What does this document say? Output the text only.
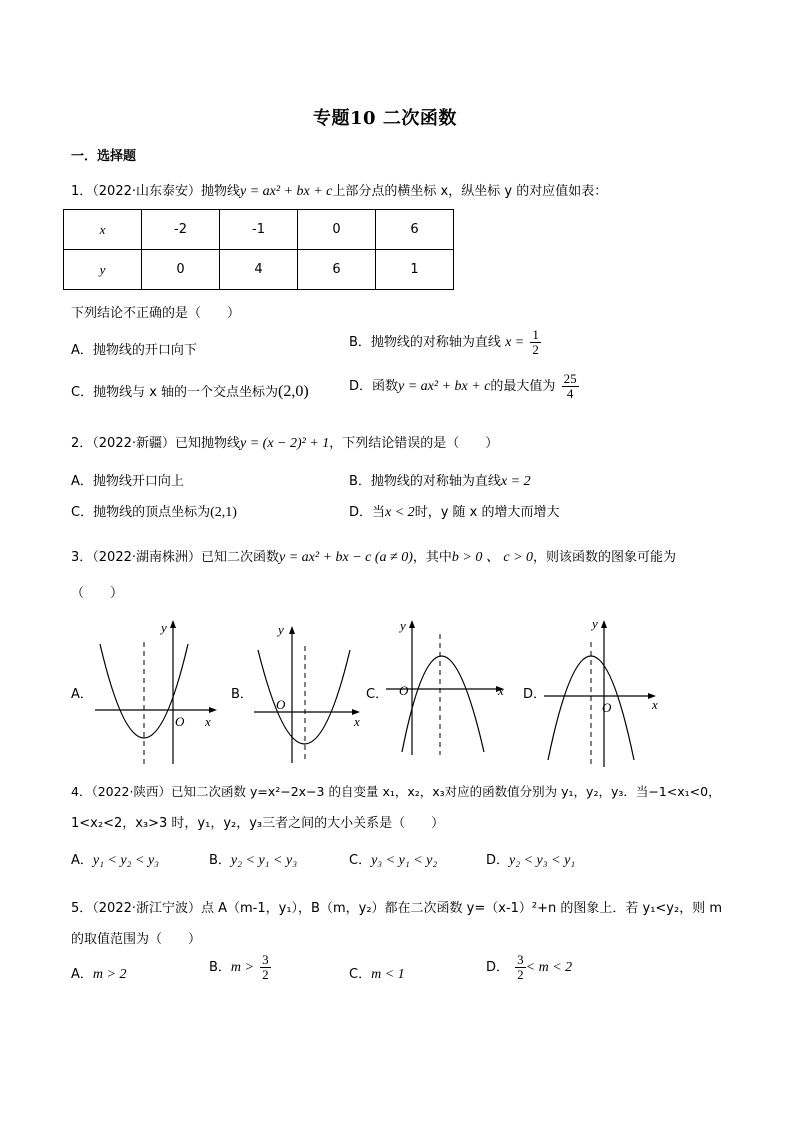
专题10 二次函数
一．选择题
1．（2022·山东泰安）抛物线y = ax² + bx + c上部分点的横坐标 x，纵坐标 y 的对应值如表：
x	-2	-1	0	6
y	0	4	6	1
下列结论不正确的是（　　）
A．抛物线的开口向下
B．抛物线的对称轴为直线 $x = \frac{1}{2}$
C．抛物线与 x 轴的一个交点坐标为(2,0)	D．函数y = ax² + bx + c的最大值为 $\frac{25}{4}$
2．（2022·新疆）已知抛物线y = (x − 2)² + 1，下列结论错误的是（　　）
A．抛物线开口向上	B．抛物线的对称轴为直线x = 2
C．抛物线的顶点坐标为(2,1)	D．当x < 2时，y 随 x 的增大而增大
3．（2022·湖南株洲）已知二次函数y = ax² + bx − c (a ≠ 0)，其中b > 0 、 c > 0，则该函数的图象可能为
（　　）
A．
y
x
O
B．
y
x
O
C．
y
x
O	D．
y
x
O
4．（2022·陕西）已知二次函数 y=x²−2x−3 的自变量 x₁，x₂，x₃对应的函数值分别为 y₁，y₂，y₃．当−1<x₁<0，
1<x₂<2，x₃>3 时，y₁，y₂，y₃三者之间的大小关系是（　　）
A．y₁ < y₂ < y₃	B．y₂ < y₁ < y₃	C．y₃ < y₁ < y₂	D．y₂ < y₃ < y₁
5．（2022·浙江宁波）点 A（m-1，y₁），B（m，y₂）都在二次函数 y=（x-1）²+n 的图象上．若 y₁<y₂，则 m
的取值范围为（　　）
A．m > 2	B．$m > \frac{3}{2}$	C．m < 1	D． $\frac{3}{2} < m < 2$
